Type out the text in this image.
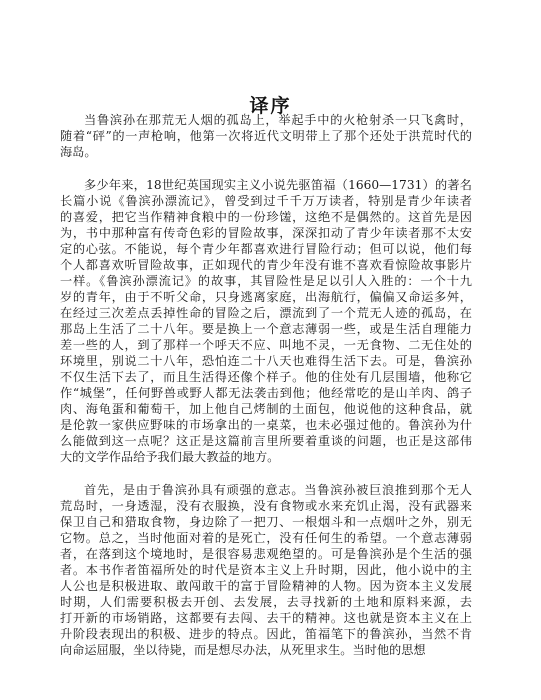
译序
当鲁滨孙在那荒无人烟的孤岛上，举起手中的火枪射杀一只飞禽时，
随着“砰”的一声枪响，他第一次将近代文明带上了那个还处于洪荒时代的
海岛。
多少年来，18世纪英国现实主义小说先驱笛福（1660—1731）的著名
长篇小说《鲁滨孙漂流记》，曾受到过千千万万读者，特别是青少年读者
的喜爱，把它当作精神食粮中的一份珍馐，这绝不是偶然的。这首先是因
为，书中那种富有传奇色彩的冒险故事，深深扣动了青少年读者那不太安
定的心弦。不能说，每个青少年都喜欢进行冒险行动；但可以说，他们每
个人都喜欢听冒险故事，正如现代的青少年没有谁不喜欢看惊险故事影片
一样。《鲁滨孙漂流记》的故事，其冒险性是足以引人入胜的：一个十九
岁的青年，由于不听父命，只身逃离家庭，出海航行，偏偏又命运多舛，
在经过三次差点丢掉性命的冒险之后，漂流到了一个荒无人迹的孤岛，在
那岛上生活了二十八年。要是换上一个意志薄弱一些，或是生活自理能力
差一些的人，到了那样一个呼天不应、叫地不灵，一无食物、二无住处的
环境里，别说二十八年，恐怕连二十八天也难得生活下去。可是，鲁滨孙
不仅生活下去了，而且生活得还像个样子。他的住处有几层围墙，他称它
作“城堡”，任何野兽或野人都无法袭击到他；他经常吃的是山羊肉、鸽子
肉、海龟蛋和葡萄干，加上他自己烤制的土面包，他说他的这种食品，就
是伦敦一家供应野味的市场拿出的一桌菜，也未必强过他的。鲁滨孙为什
么能做到这一点呢？这正是这篇前言里所要着重谈的问题，也正是这部伟
大的文学作品给予我们最大教益的地方。
首先，是由于鲁滨孙具有顽强的意志。当鲁滨孙被巨浪推到那个无人
荒岛时，一身透湿，没有衣服换，没有食物或水来充饥止渴，没有武器来
保卫自己和猎取食物，身边除了一把刀、一根烟斗和一点烟叶之外，别无
它物。总之，当时他面对着的是死亡，没有任何生的希望。一个意志薄弱
者，在落到这个境地时，是很容易悲观绝望的。可是鲁滨孙是个生活的强
者。本书作者笛福所处的时代是资本主义上升时期，因此，他小说中的主
人公也是积极进取、敢闯敢干的富于冒险精神的人物。因为资本主义发展
时期，人们需要积极去开创、去发展，去寻找新的土地和原料来源，去
打开新的市场销路，这都要有去闯、去干的精神。这也就是资本主义在上
升阶段表现出的积极、进步的特点。因此，笛福笔下的鲁滨孙，当然不肯
向命运屈服，坐以待毙，而是想尽办法，从死里求生。当时他的思想
